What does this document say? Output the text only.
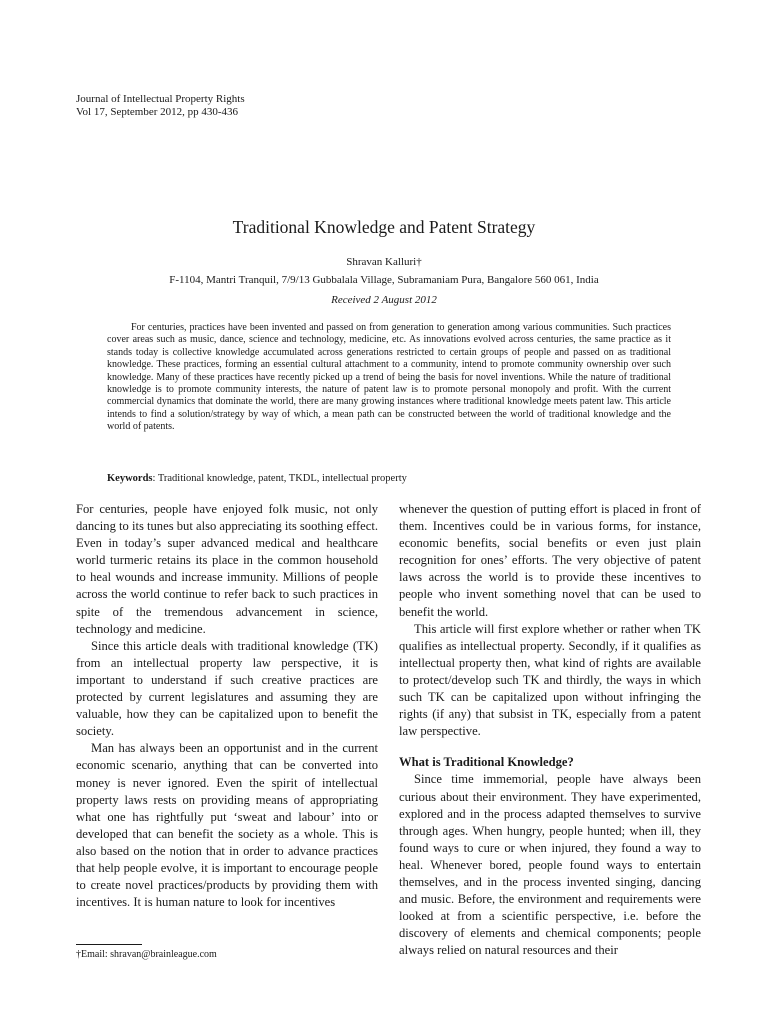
Journal of Intellectual Property Rights
Vol 17, September 2012, pp 430-436
Traditional Knowledge and Patent Strategy
Shravan Kalluri†
F-1104, Mantri Tranquil, 7/9/13 Gubbalala Village, Subramaniam Pura, Bangalore 560 061, India
Received 2 August 2012

For centuries, practices have been invented and passed on from generation to generation among various communities. Such practices cover areas such as music, dance, science and technology, medicine, etc. As innovations evolved across centuries, the same practice as it stands today is collective knowledge accumulated across generations restricted to certain groups of people and passed on as traditional knowledge. These practices, forming an essential cultural attachment to a community, intend to promote community ownership over such knowledge. Many of these practices have recently picked up a trend of being the basis for novel inventions. While the nature of traditional knowledge is to promote community interests, the nature of patent law is to promote personal monopoly and profit. With the current commercial dynamics that dominate the world, there are many growing instances where traditional knowledge meets patent law. This article intends to find a solution/strategy by way of which, a mean path can be constructed between the world of traditional knowledge and the world of patents.

Keywords: Traditional knowledge, patent, TKDL, intellectual property

For centuries, people have enjoyed folk music, not only dancing to its tunes but also appreciating its soothing effect. Even in today’s super advanced medical and healthcare world turmeric retains its place in the common household to heal wounds and increase immunity. Millions of people across the world continue to refer back to such practices in spite of the tremendous advancement in science, technology and medicine.

Since this article deals with traditional knowledge (TK) from an intellectual property law perspective, it is important to understand if such creative practices are protected by current legislatures and assuming they are valuable, how they can be capitalized upon to benefit the society.

Man has always been an opportunist and in the current economic scenario, anything that can be converted into money is never ignored. Even the spirit of intellectual property laws rests on providing means of appropriating what one has rightfully put ‘sweat and labour’ into or developed that can benefit the society as a whole. This is also based on the notion that in order to advance practices that help people evolve, it is important to encourage people to create novel practices/products by providing them with incentives. It is human nature to look for incentives

whenever the question of putting effort is placed in front of them. Incentives could be in various forms, for instance, economic benefits, social benefits or even just plain recognition for ones’ efforts. The very objective of patent laws across the world is to provide these incentives to people who invent something novel that can be used to benefit the world.

This article will first explore whether or rather when TK qualifies as intellectual property. Secondly, if it qualifies as intellectual property then, what kind of rights are available to protect/develop such TK and thirdly, the ways in which such TK can be capitalized upon without infringing the rights (if any) that subsist in TK, especially from a patent law perspective.

What is Traditional Knowledge?

Since time immemorial, people have always been curious about their environment. They have experimented, explored and in the process adapted themselves to survive through ages. When hungry, people hunted; when ill, they found ways to cure or when injured, they found a way to heal. Whenever bored, people found ways to entertain themselves, and in the process invented singing, dancing and music. Before, the environment and requirements were looked at from a scientific perspective, i.e. before the discovery of elements and chemical components; people always relied on natural resources and their

†Email: shravan@brainleague.com
